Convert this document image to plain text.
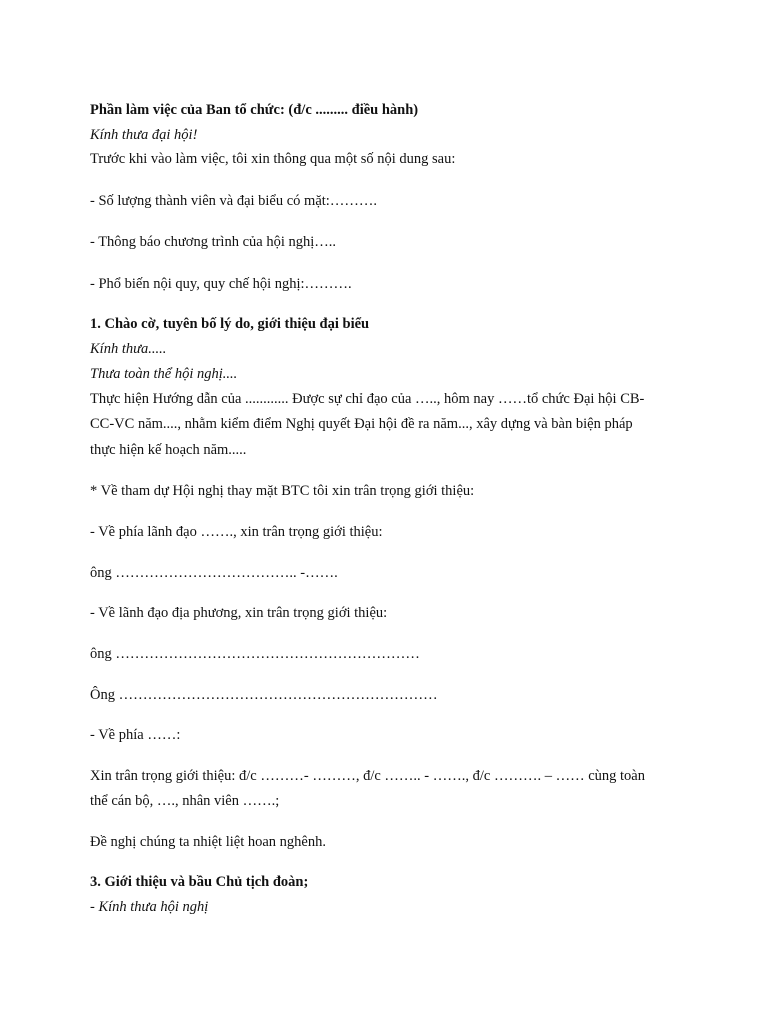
Phần làm việc của Ban tổ chức: (đ/c ......... điều hành)
Kính thưa đại hội!
Trước khi vào làm việc, tôi xin thông qua một số nội dung sau:
- Số lượng thành viên và đại biểu có mặt:……….
- Thông báo chương trình của hội nghị…..
- Phổ biến nội quy, quy chế hội nghị:……….
1. Chào cờ, tuyên bố lý do, giới thiệu đại biểu
Kính thưa.....
Thưa toàn thể hội nghị....
Thực hiện Hướng dẫn của ............ Được sự chỉ đạo của ….., hôm nay ……tổ chức Đại hội CB-
CC-VC năm...., nhằm kiểm điểm Nghị quyết Đại hội đề ra năm..., xây dựng và bàn biện pháp
thực hiện kế hoạch năm.....
* Về tham dự Hội nghị thay mặt BTC tôi xin trân trọng giới thiệu:
- Về phía lãnh đạo ……., xin trân trọng giới thiệu:
ông ……………………………….. -…….
- Về lãnh đạo địa phương, xin trân trọng giới thiệu:
ông ………………………………………………………
Ông …………………………………………………………
- Về phía ……:
Xin trân trọng giới thiệu: đ/c ………- ………, đ/c …….. - ……., đ/c ………. – …… cùng toàn
thể cán bộ, …., nhân viên …….;
Đề nghị chúng ta nhiệt liệt hoan nghênh.
3. Giới thiệu và bầu Chủ tịch đoàn;
- Kính thưa hội nghị
